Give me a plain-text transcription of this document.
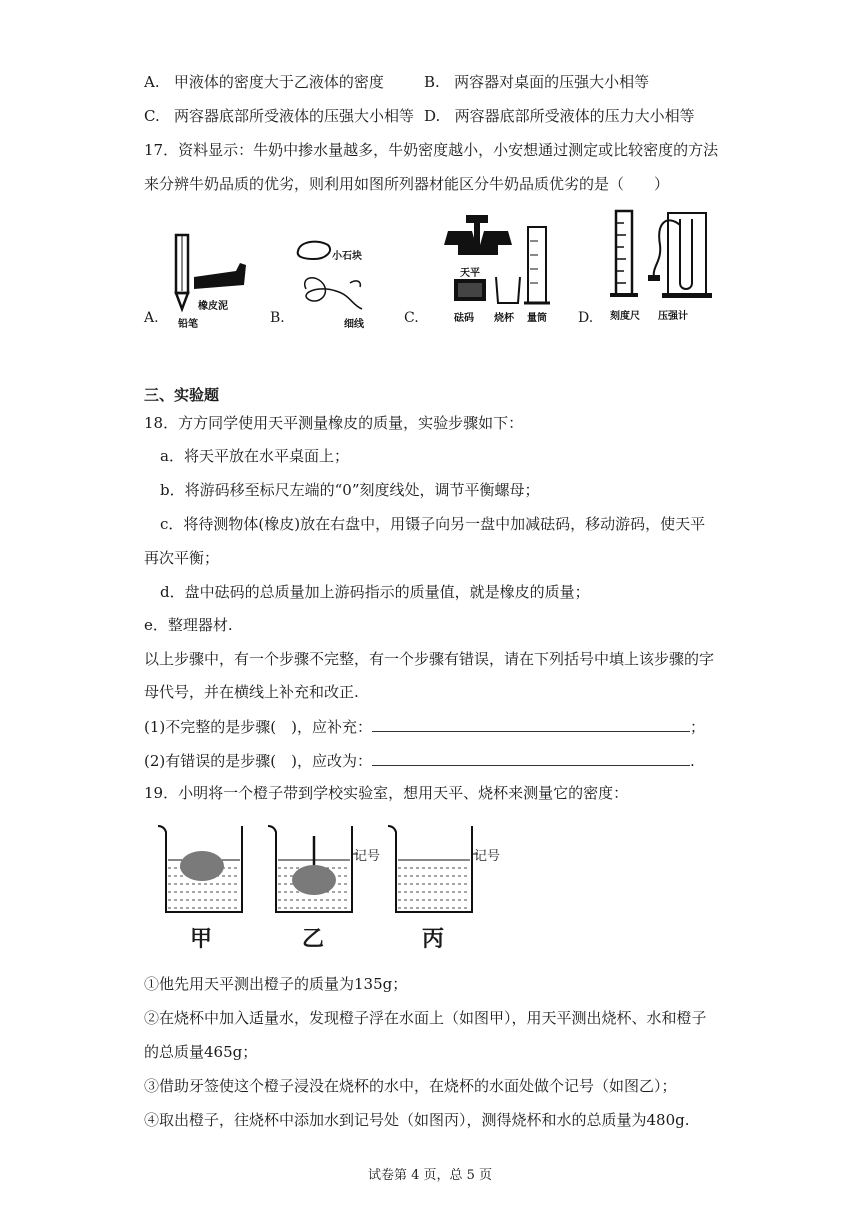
A. 甲液体的密度大于乙液体的密度	B. 两容器对桌面的压强大小相等
C. 两容器底部所受液体的压强大小相等 D. 两容器底部所受液体的压力大小相等
17．资料显示：牛奶中掺水量越多，牛奶密度越小，小安想通过测定或比较密度的方法
来分辨牛奶品质的优劣，则利用如图所列器材能区分牛奶品质优劣的是（　　）
橡皮泥
铅笔
小石块
细线
天平
砝码 烧杯 量筒	刻度尺 压强计
A.	B.	C.	D.
三、实验题
18．方方同学使用天平测量橡皮的质量，实验步骤如下：
a．将天平放在水平桌面上；
b．将游码移至标尺左端的“0”刻度线处，调节平衡螺母；
c．将待测物体(橡皮)放在右盘中，用镊子向另一盘中加减砝码，移动游码，使天平
再次平衡；
d．盘中砝码的总质量加上游码指示的质量值，就是橡皮的质量；
e．整理器材.
以上步骤中，有一个步骤不完整，有一个步骤有错误，请在下列括号中填上该步骤的字
母代号，并在横线上补充和改正.
(1)不完整的是步骤(　)，应补充：	；
(2)有错误的是步骤(　)，应改为：	.
19．小明将一个橙子带到学校实验室，想用天平、烧杯来测量它的密度：
记号	记号
甲	乙	丙
①他先用天平测出橙子的质量为135g；
②在烧杯中加入适量水，发现橙子浮在水面上（如图甲），用天平测出烧杯、水和橙子
的总质量465g；
③借助牙签使这个橙子浸没在烧杯的水中，在烧杯的水面处做个记号（如图乙）；
④取出橙子，往烧杯中添加水到记号处（如图丙），测得烧杯和水的总质量为480g.
试卷第 4 页，总 5 页
